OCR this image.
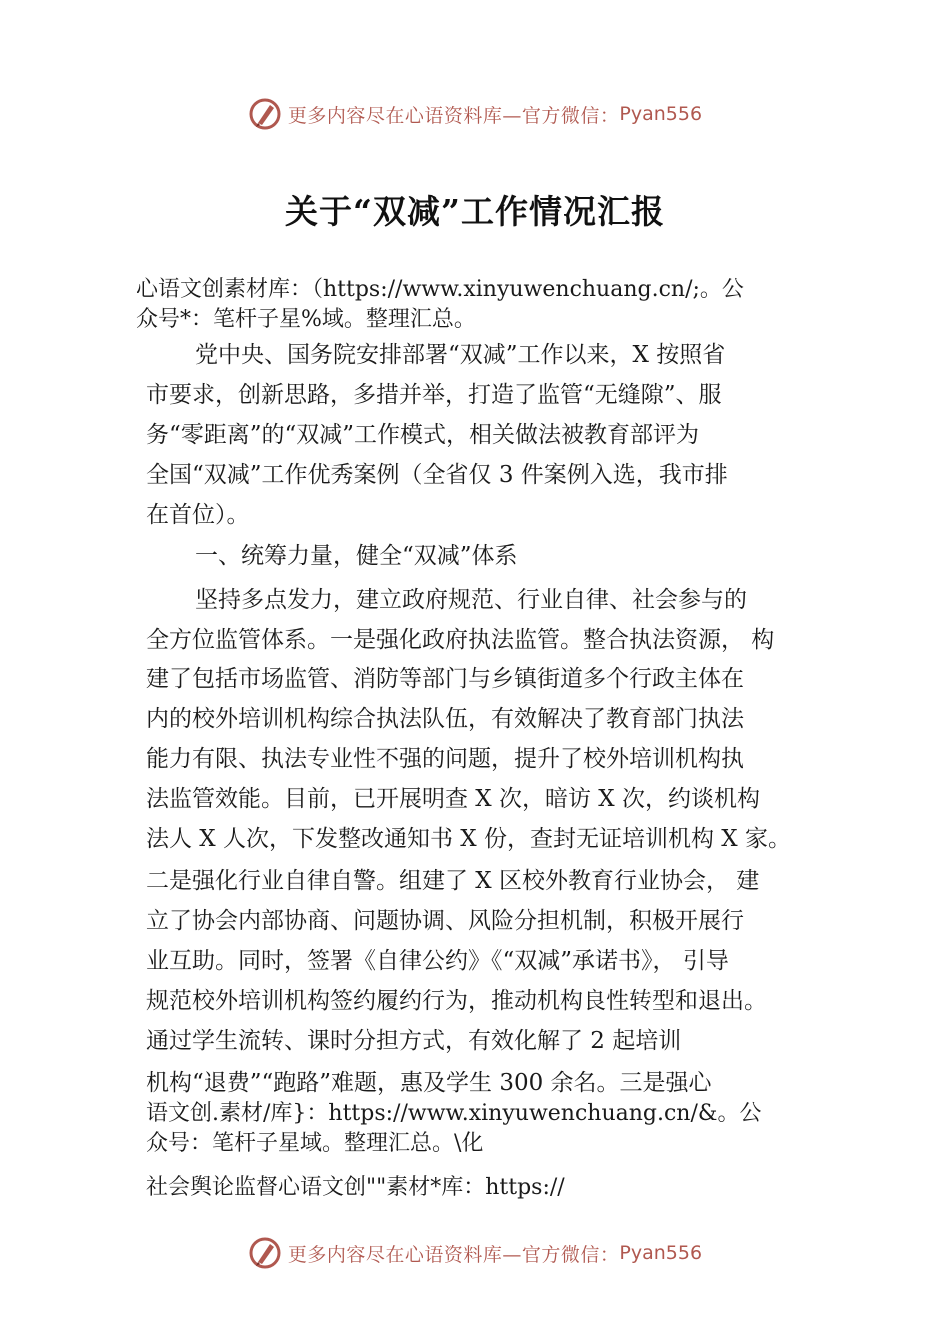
更多内容尽在心语资料库—官方微信： Pyan556
关于“双减”工作情况汇报
心语文创素材库：（https://www.xinyuwenchuang.cn/;。公
众号*：笔杆子星%域。整理汇总。
党中央、国务院安排部署“双减”工作以来，X 按照省
市要求，创新思路，多措并举，打造了监管“无缝隙”、服
务“零距离”的“双减”工作模式，相关做法被教育部评为
全国“双减”工作优秀案例（全省仅 3 件案例入选，我市排
在首位）。
一、统筹力量，健全“双减”体系
坚持多点发力，建立政府规范、行业自律、社会参与的
全方位监管体系。一是强化政府执法监管。整合执法资源， 构
建了包括市场监管、消防等部门与乡镇街道多个行政主体在
内的校外培训机构综合执法队伍，有效解决了教育部门执法
能力有限、执法专业性不强的问题，提升了校外培训机构执
法监管效能。目前，已开展明查 X 次，暗访 X 次，约谈机构
法人 X 人次，下发整改通知书 X 份，查封无证培训机构 X 家。
二是强化行业自律自警。组建了 X 区校外教育行业协会， 建
立了协会内部协商、问题协调、风险分担机制，积极开展行
业互助。同时，签署《自律公约》《“双减”承诺书》， 引导
规范校外培训机构签约履约行为，推动机构良性转型和退出。
通过学生流转、课时分担方式，有效化解了 2 起培训
机构“退费”“跑路”难题，惠及学生 300 余名。三是强心
语文创.素材/库}：https://www.xinyuwenchuang.cn/&。公
众号：笔杆子星域。整理汇总。\化
社会舆论监督心语文创""素材*库：https://
更多内容尽在心语资料库—官方微信： Pyan556
